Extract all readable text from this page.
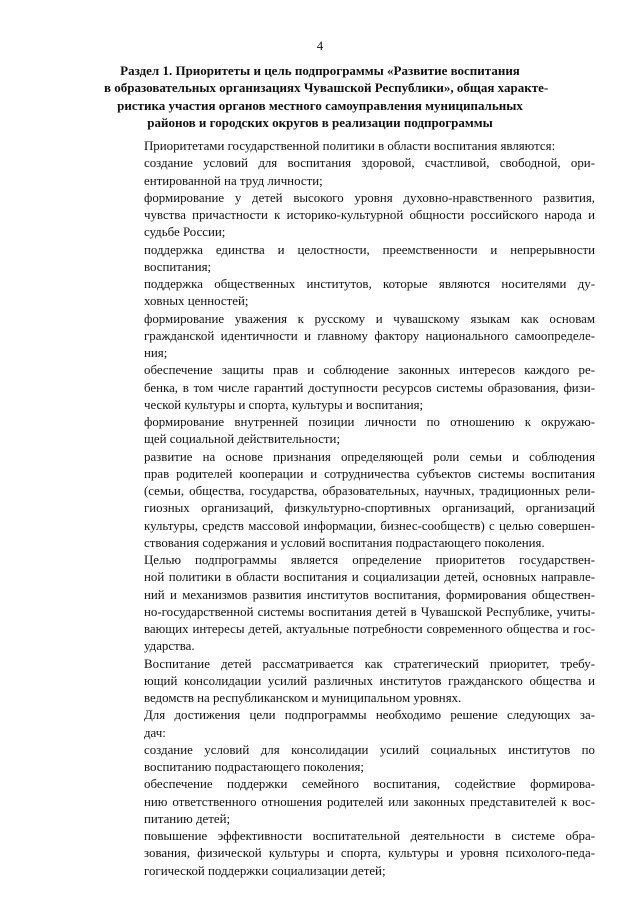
4
Раздел 1. Приоритеты и цель подпрограммы «Развитие воспитания
в образовательных организациях Чувашской Республики», общая характе-
ристика участия органов местного самоуправления муниципальных
районов и городских округов в реализации подпрограммы

Приоритетами государственной политики в области воспитания являются:

создание условий для воспитания здоровой, счастливой, свободной, ори-
ентированной на труд личности;

формирование у детей высокого уровня духовно-нравственного развития,
чувства причастности к историко-культурной общности российского народа и
судьбе России;

поддержка единства и целостности, преемственности и непрерывности
воспитания;

поддержка общественных институтов, которые являются носителями ду-
ховных ценностей;

формирование уважения к русскому и чувашскому языкам как основам
гражданской идентичности и главному фактору национального самоопределе-
ния;

обеспечение защиты прав и соблюдение законных интересов каждого ре-
бенка, в том числе гарантий доступности ресурсов системы образования, физи-
ческой культуры и спорта, культуры и воспитания;

формирование внутренней позиции личности по отношению к окружаю-
щей социальной действительности;

развитие на основе признания определяющей роли семьи и соблюдения
прав родителей кооперации и сотрудничества субъектов системы воспитания
(семьи, общества, государства, образовательных, научных, традиционных рели-
гиозных организаций, физкультурно-спортивных организаций, организаций
культуры, средств массовой информации, бизнес-сообществ) с целью совершен-
ствования содержания и условий воспитания подрастающего поколения.

Целью подпрограммы является определение приоритетов государствен-
ной политики в области воспитания и социализации детей, основных направле-
ний и механизмов развития институтов воспитания, формирования обществен-
но-государственной системы воспитания детей в Чувашской Республике, учиты-
вающих интересы детей, актуальные потребности современного общества и гос-
ударства.

Воспитание детей рассматривается как стратегический приоритет, требу-
ющий консолидации усилий различных институтов гражданского общества и
ведомств на республиканском и муниципальном уровнях.

Для достижения цели подпрограммы необходимо решение следующих за-
дач:

создание условий для консолидации усилий социальных институтов по
воспитанию подрастающего поколения;

обеспечение поддержки семейного воспитания, содействие формирова-
нию ответственного отношения родителей или законных представителей к вос-
питанию детей;

повышение эффективности воспитательной деятельности в системе обра-
зования, физической культуры и спорта, культуры и уровня психолого-педа-
гогической поддержки социализации детей;
